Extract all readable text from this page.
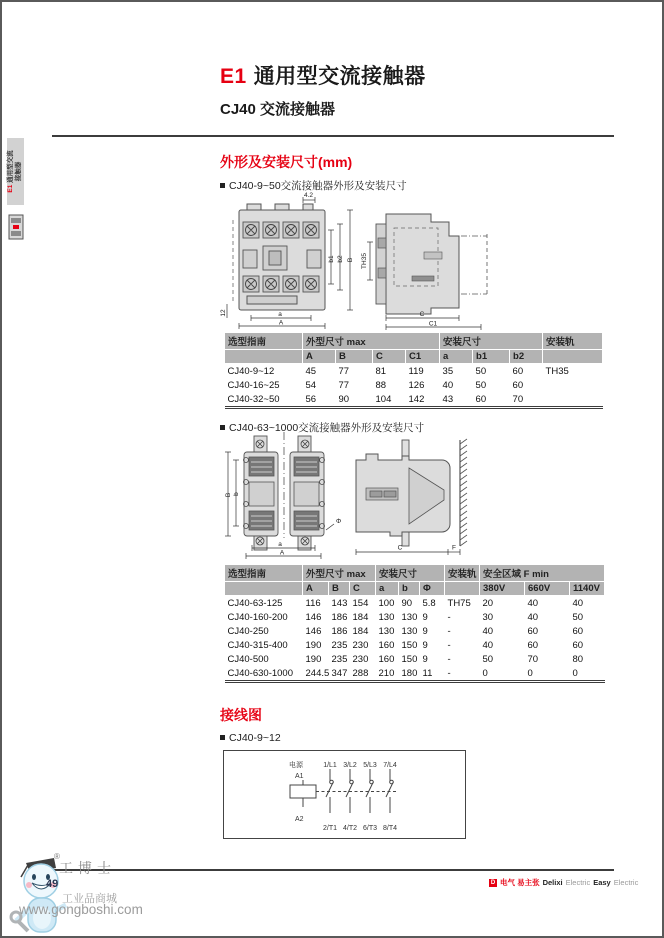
E1 通用型交流 接触器
E1 通用型交流接触器
CJ40 交流接触器
外形及安装尺寸(mm)
CJ40-9~50交流接触器外形及安装尺寸
4.2
b1 b2 B
a
A
12
TH35
C
C1
选型指南	外型尺寸 max				安装尺寸			安装轨
	A	B	C	C1	a	b1	b2	
CJ40-9~12	45	77	81	119	35	50	60	TH35
CJ40-16~25	54	77	88	126	40	50	60	
CJ40-32~50	56	90	104	142	43	60	70	
CJ40-63~1000交流接触器外形及安装尺寸
b
B
a
A
Φ
C	F
选型指南	外型尺寸 max			安装尺寸			安装轨	安全区域 F min		
	A	B	C	a	b	Φ		380V	660V	1140V
CJ40-63-125	116	143	154	100	90	5.8	TH75	20	40	40
CJ40-160-200	146	186	184	130	130	9	-	30	40	50
CJ40-250	146	186	184	130	130	9	-	40	60	60
CJ40-315-400	190	235	230	160	150	9	-	40	60	60
CJ40-500	190	235	230	160	150	9	-	50	70	80
CJ40-630-1000	244.5	347	288	210	180	11	-	0	0	0
接线图
CJ40-9~12
电源
A1
A2
1/L1 3/L2 5/L3 7/L4
2/T1 4/T2 6/T3 8/T4
®
49
工博士
工业品商城
www.gongboshi.com
D 电气 易主张 Delixi Electric Easy Electric
